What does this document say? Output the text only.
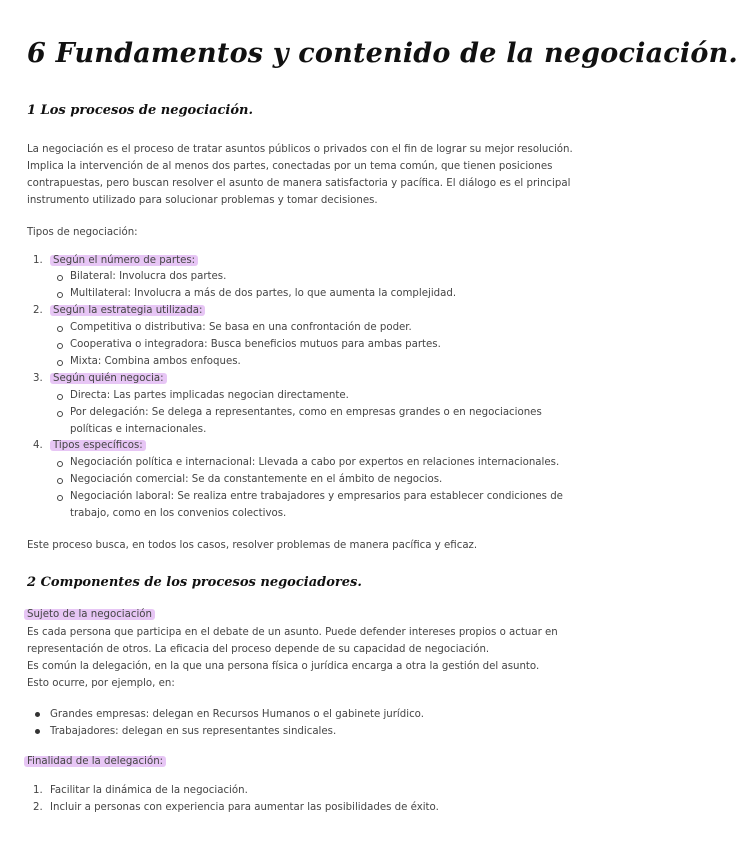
6 Fundamentos y contenido de la negociación.
1 Los procesos de negociación.
La negociación es el proceso de tratar asuntos públicos o privados con el fin de lograr su mejor resolución.
Implica la intervención de al menos dos partes, conectadas por un tema común, que tienen posiciones
contrapuestas, pero buscan resolver el asunto de manera satisfactoria y pacífica. El diálogo es el principal
instrumento utilizado para solucionar problemas y tomar decisiones.
Tipos de negociación:
1. Según el número de partes:
Bilateral: Involucra dos partes.
Multilateral: Involucra a más de dos partes, lo que aumenta la complejidad.
2. Según la estrategia utilizada:
Competitiva o distributiva: Se basa en una confrontación de poder.
Cooperativa o integradora: Busca beneficios mutuos para ambas partes.
Mixta: Combina ambos enfoques.
3. Según quién negocia:
Directa: Las partes implicadas negocian directamente.
Por delegación: Se delega a representantes, como en empresas grandes o en negociaciones
políticas e internacionales.
4. Tipos específicos:
Negociación política e internacional: Llevada a cabo por expertos en relaciones internacionales.
Negociación comercial: Se da constantemente en el ámbito de negocios.
Negociación laboral: Se realiza entre trabajadores y empresarios para establecer condiciones de
trabajo, como en los convenios colectivos.
Este proceso busca, en todos los casos, resolver problemas de manera pacífica y eficaz.
2 Componentes de los procesos negociadores.
Sujeto de la negociación
Es cada persona que participa en el debate de un asunto. Puede defender intereses propios o actuar en
representación de otros. La eficacia del proceso depende de su capacidad de negociación.
Es común la delegación, en la que una persona física o jurídica encarga a otra la gestión del asunto.
Esto ocurre, por ejemplo, en:
Grandes empresas: delegan en Recursos Humanos o el gabinete jurídico.
Trabajadores: delegan en sus representantes sindicales.
Finalidad de la delegación:
1. Facilitar la dinámica de la negociación.
2. Incluir a personas con experiencia para aumentar las posibilidades de éxito.
